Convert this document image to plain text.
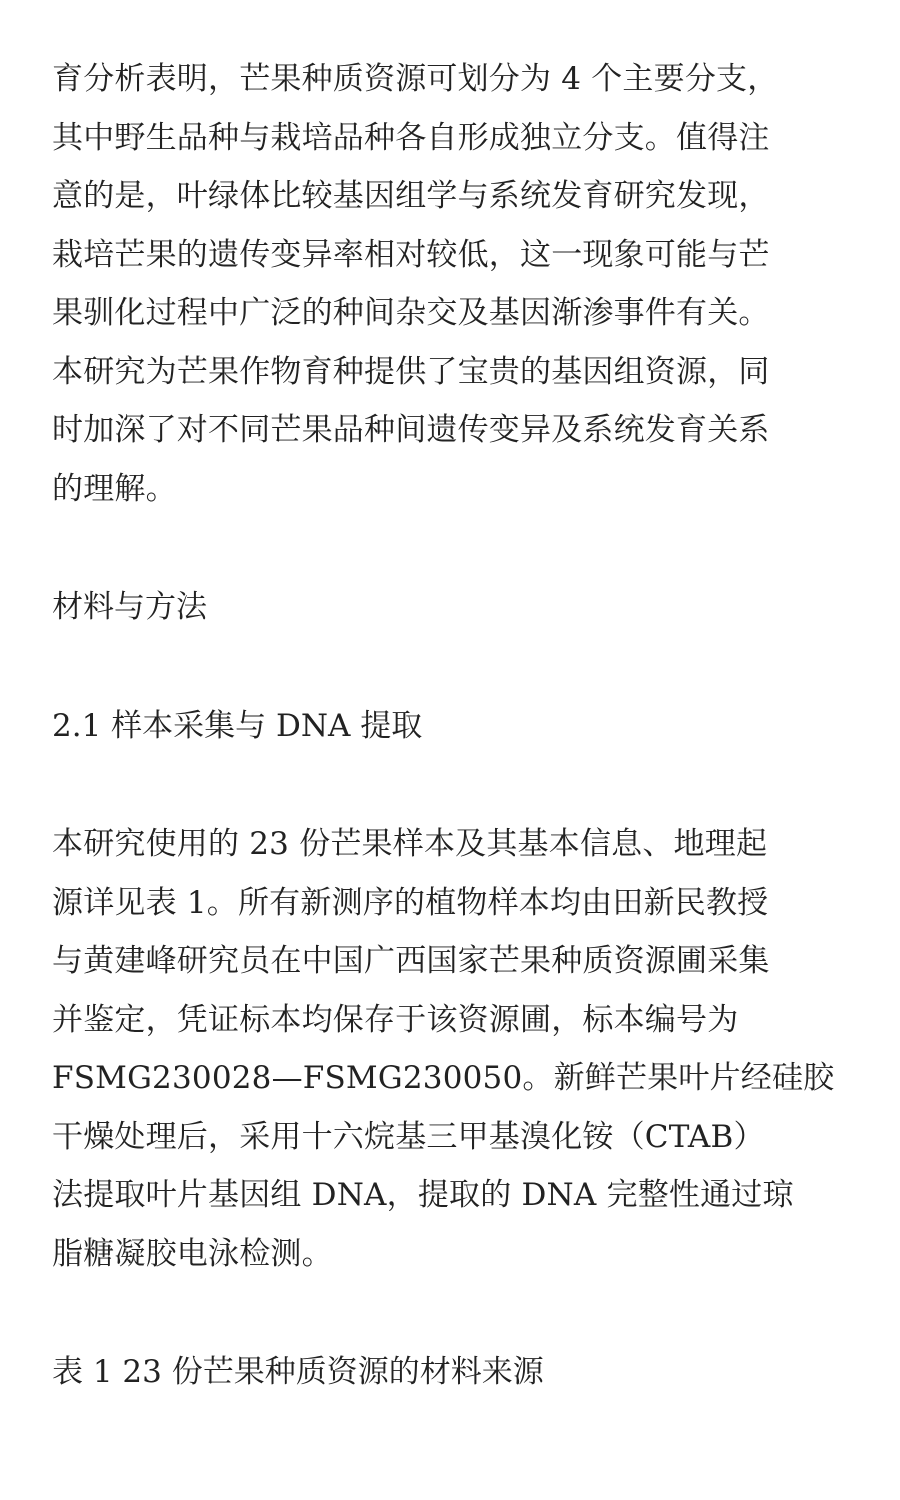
育分析表明，芒果种质资源可划分为 4 个主要分支，
其中野生品种与栽培品种各自形成独立分支。值得注
意的是，叶绿体比较基因组学与系统发育研究发现，
栽培芒果的遗传变异率相对较低，这一现象可能与芒
果驯化过程中广泛的种间杂交及基因渐渗事件有关。
本研究为芒果作物育种提供了宝贵的基因组资源，同
时加深了对不同芒果品种间遗传变异及系统发育关系
的理解。
材料与方法
2.1 样本采集与 DNA 提取
本研究使用的 23 份芒果样本及其基本信息、地理起
源详见表 1。所有新测序的植物样本均由田新民教授
与黄建峰研究员在中国广西国家芒果种质资源圃采集
并鉴定，凭证标本均保存于该资源圃，标本编号为
FSMG230028—FSMG230050。新鲜芒果叶片经硅胶
干燥处理后，采用十六烷基三甲基溴化铵（CTAB）
法提取叶片基因组 DNA，提取的 DNA 完整性通过琼
脂糖凝胶电泳检测。
表 1 23 份芒果种质资源的材料来源
